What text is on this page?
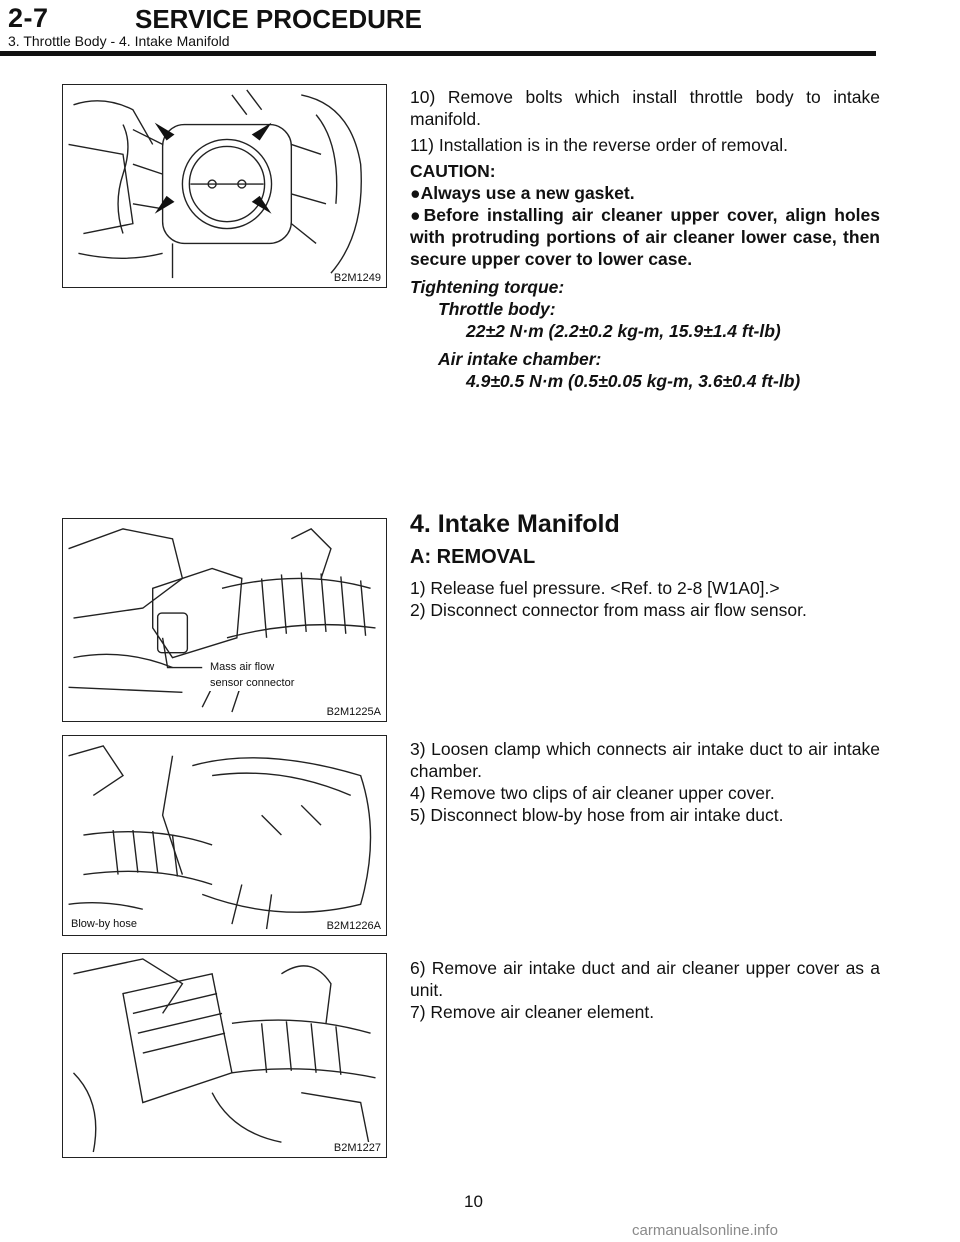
2-7	SERVICE PROCEDURE
3. Throttle Body - 4. Intake Manifold
B2M1249

10) Remove bolts which install throttle body to intake manifold.

11) Installation is in the reverse order of removal.

CAUTION:

●Always use a new gasket.

●Before installing air cleaner upper cover, align holes with protruding portions of air cleaner lower case, then secure upper cover to lower case.

Tightening torque:

Throttle body:

22±2 N·m (2.2±0.2 kg-m, 15.9±1.4 ft-lb)

Air intake chamber:

4.9±0.5 N·m (0.5±0.05 kg-m, 3.6±0.4 ft-lb)

4. Intake Manifold
A: REMOVAL
Mass air flow
sensor connector
B2M1225A

1) Release fuel pressure. <Ref. to 2-8 [W1A0].>

2) Disconnect connector from mass air flow sensor.

Blow-by hose	B2M1226A

3) Loosen clamp which connects air intake duct to air intake chamber.

4) Remove two clips of air cleaner upper cover.

5) Disconnect blow-by hose from air intake duct.

B2M1227

6) Remove air intake duct and air cleaner upper cover as a unit.

7) Remove air cleaner element.

10
carmanualsonline.info
